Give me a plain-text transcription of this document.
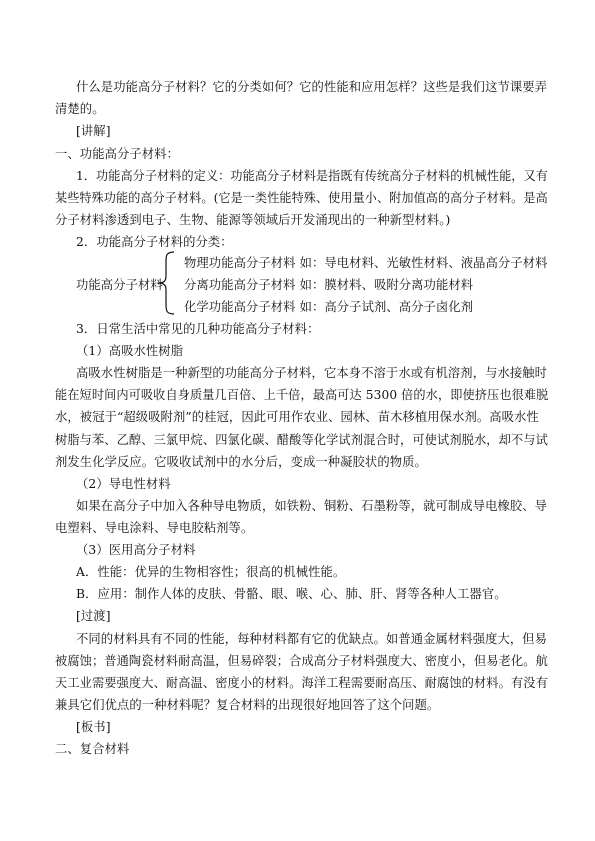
什么是功能高分子材料？它的分类如何？它的性能和应用怎样？这些是我们这节课要弄
清楚的。
[讲解]
一、功能高分子材料：
1．功能高分子材料的定义：功能高分子材料是指既有传统高分子材料的机械性能，又有
某些特殊功能的高分子材料。(它是一类性能特殊、使用量小、附加值高的高分子材料。是高
分子材料渗透到电子、生物、能源等领域后开发涌现出的一种新型材料。)
2．功能高分子材料的分类：
功能高分子材料
物理功能高分子材料 如：导电材料、光敏性材料、液晶高分子材料
分离功能高分子材料 如：膜材料、吸附分离功能材料
化学功能高分子材料 如：高分子试剂、高分子卤化剂
3．日常生活中常见的几种功能高分子材料：
（1）高吸水性树脂
高吸水性树脂是一种新型的功能高分子材料，它本身不溶于水或有机溶剂，与水接触时
能在短时间内可吸收自身质量几百倍、上千倍，最高可达 5300 倍的水，即使挤压也很难脱
水，被冠于“超级吸附剂”的桂冠，因此可用作农业、园林、苗木移植用保水剂。高吸水性
树脂与苯、乙醇、三氯甲烷、四氯化碳、醋酸等化学试剂混合时，可使试剂脱水，却不与试
剂发生化学反应。它吸收试剂中的水分后，变成一种凝胶状的物质。
（2）导电性材料
如果在高分子中加入各种导电物质，如铁粉、铜粉、石墨粉等，就可制成导电橡胶、导
电塑料、导电涂料、导电胶粘剂等。
（3）医用高分子材料
A．性能：优异的生物相容性；很高的机械性能。
B．应用：制作人体的皮肤、骨骼、眼、喉、心、肺、肝、肾等各种人工器官。
[过渡]
不同的材料具有不同的性能，每种材料都有它的优缺点。如普通金属材料强度大，但易
被腐蚀；普通陶瓷材料耐高温，但易碎裂；合成高分子材料强度大、密度小，但易老化。航
天工业需要强度大、耐高温、密度小的材料。海洋工程需要耐高压、耐腐蚀的材料。有没有
兼具它们优点的一种材料呢？复合材料的出现很好地回答了这个问题。
[板书]
二、复合材料
